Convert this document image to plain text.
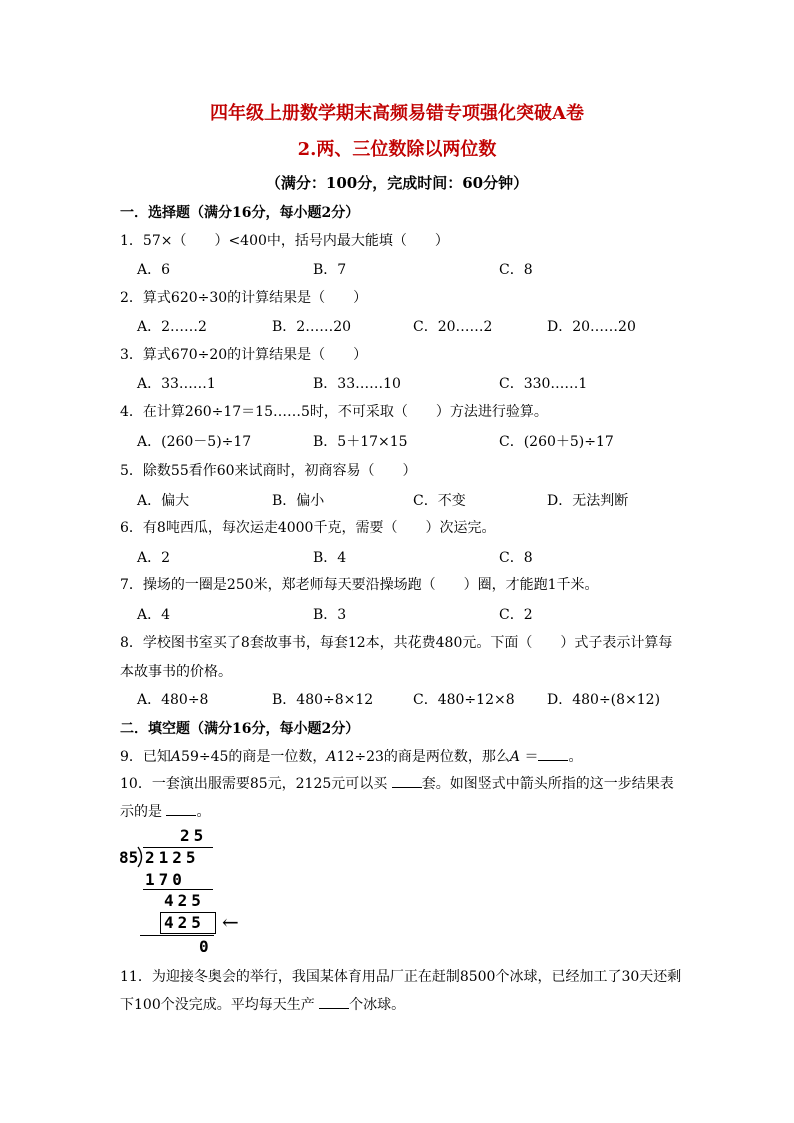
四年级上册数学期末高频易错专项强化突破A卷
2.两、三位数除以两位数
（满分：100分，完成时间：60分钟）
一．选择题（满分16分，每小题2分）
1．57×（　　）<400中，括号内最大能填（　　）
A．6	B．7	C．8
2．算式620÷30的计算结果是（　　）
A．2……2	B．2……20	C．20……2	D．20……20
3．算式670÷20的计算结果是（　　）
A．33……1	B．33……10	C．330……1
4．在计算260÷17＝15……5时，不可采取（　　）方法进行验算。
A．(260－5)÷17	B．5＋17×15	C．(260＋5)÷17
5．除数55看作60来试商时，初商容易（　　）
A．偏大	B．偏小	C．不变	D．无法判断
6．有8吨西瓜，每次运走4000千克，需要（　　）次运完。
A．2	B．4	C．8
7．操场的一圈是250米，郑老师每天要沿操场跑（　　）圈，才能跑1千米。
A．4	B．3	C．2
8．学校图书室买了8套故事书，每套12本，共花费480元。下面（　　）式子表示计算每
本故事书的价格。
A．480÷8	B．480÷8×12	C．480÷12×8 D．480÷(8×12)
二．填空题（满分16分，每小题2分）
9．已知A59÷45的商是一位数，A12÷23的商是两位数，那么A ＝ 。
10．一套演出服需要85元，2125元可以买 套。如图竖式中箭头所指的这一步结果表
示的是 。
25
85 2125
170
425
425 ←
0
11．为迎接冬奥会的举行，我国某体育用品厂正在赶制8500个冰球，已经加工了30天还剩
下100个没完成。平均每天生产 个冰球。
